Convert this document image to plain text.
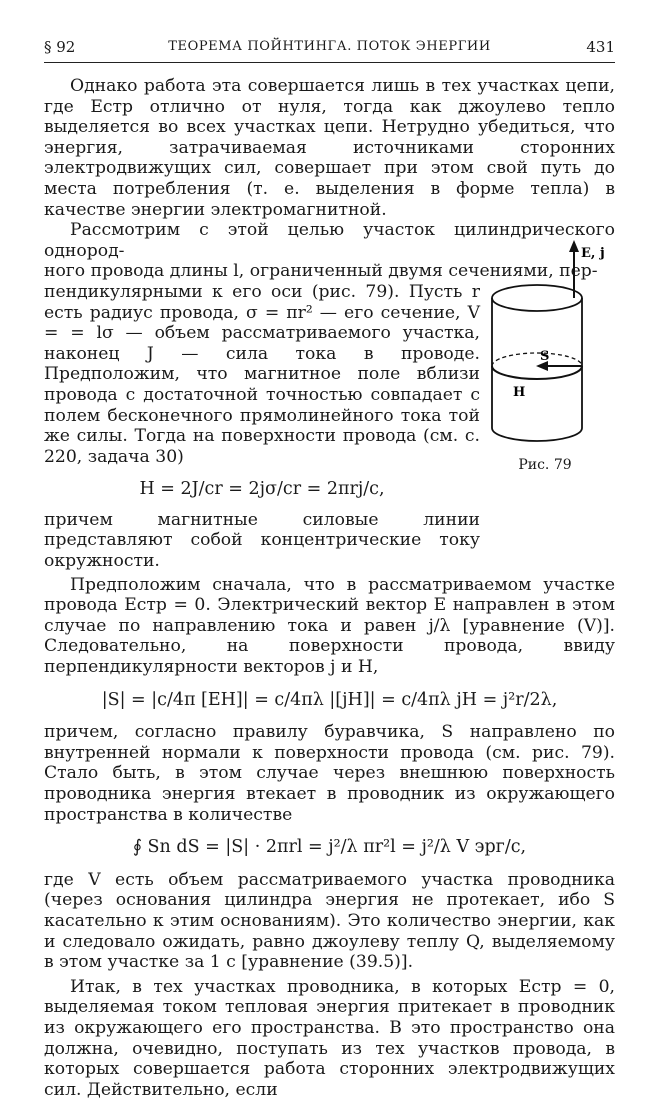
§ 92	ТЕОРЕМА ПОЙНТИНГА. ПОТОК ЭНЕРГИИ	431

Однако работа эта совершается лишь в тех участках цепи, где Eстр отлично от нуля, тогда как джоулево тепло выделяется во всех участках цепи. Нетрудно убедиться, что энергия, затрачиваемая источниками сторонних электродвижущих сил, совершает при этом свой путь до места потребления (т. е. выделения в форме тепла) в качестве энергии электромагнитной.

Рассмотрим с этой целью участок цилиндрического однород-

ного провода длины l, ограниченный двумя сечениями, пер-

пендикулярными к его оси (рис. 79). Пусть r есть радиус провода, σ = πr² — его сечение, V = = lσ — объем рассматриваемого участка, наконец J — сила тока в проводе. Предположим, что магнитное поле вблизи провода с достаточной точностью совпадает с полем бесконечного прямолинейного тока той же силы. Тогда на поверхности провода (см. с. 220, задача 30)

H = 2J/cr = 2jσ/cr = 2πrj/c,

причем магнитные силовые линии представляют собой концентрические току окружности.

Предположим сначала, что в рассматриваемом участке провода Eстр = 0. Электрический вектор E направлен в этом случае по направлению тока и равен j/λ [уравнение (V)]. Следовательно, на поверхности провода, ввиду перпендикулярности векторов j и H,

|S| = |c/4π [EH]| = c/4πλ |[jH]| = c/4πλ jH = j²r/2λ,

причем, согласно правилу буравчика, S направлено по внутренней нормали к поверхности провода (см. рис. 79). Стало быть, в этом случае через внешнюю поверхность проводника энергия втекает в проводник из окружающего пространства в количестве

∮ Sn dS = |S| · 2πrl = j²/λ πr²l = j²/λ V эрг/с,

где V есть объем рассматриваемого участка проводника (через основания цилиндра энергия не протекает, ибо S касательно к этим основаниям). Это количество энергии, как и следовало ожидать, равно джоулеву теплу Q, выделяемому в этом участке за 1 с [уравнение (39.5)].

Итак, в тех участках проводника, в которых Eстр = 0, выделяемая током тепловая энергия притекает в проводник из окружающего его пространства. В это пространство она должна, очевидно, поступать из тех участков провода, в которых совершается работа сторонних электродвижущих сил. Действительно, если

E, j
S
H
Рис. 79
